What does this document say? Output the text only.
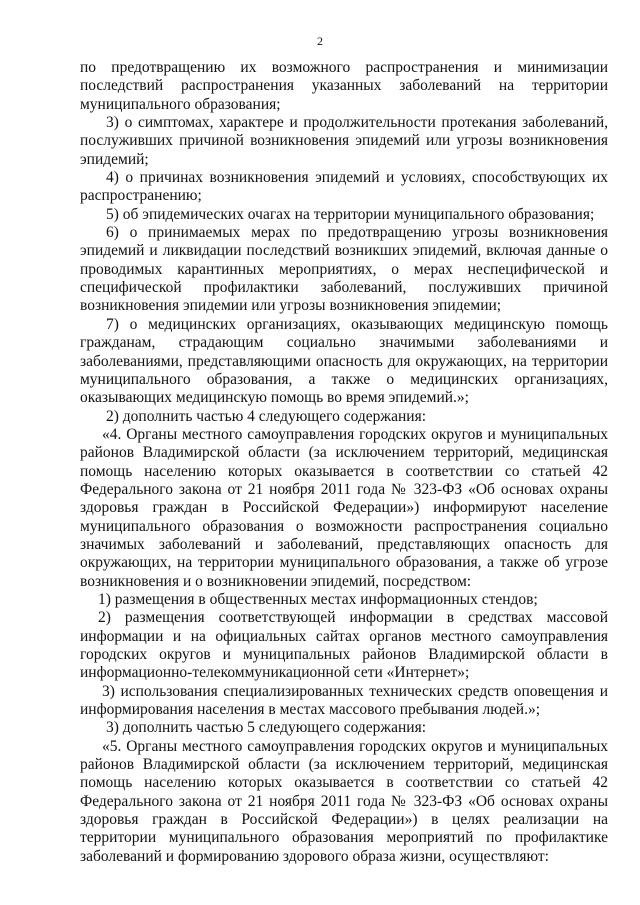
2

по предотвращению их возможного распространения и минимизации последствий распространения указанных заболеваний на территории муниципального образования;

3) о симптомах, характере и продолжительности протекания заболеваний, послуживших причиной возникновения эпидемий или угрозы возникновения эпидемий;

4) о причинах возникновения эпидемий и условиях, способствующих их распространению;

5) об эпидемических очагах на территории муниципального образования;

6) о принимаемых мерах по предотвращению угрозы возникновения эпидемий и ликвидации последствий возникших эпидемий, включая данные о проводимых карантинных мероприятиях, о мерах неспецифической и специфической профилактики заболеваний, послуживших причиной возникновения эпидемии или угрозы возникновения эпидемии;

7) о медицинских организациях, оказывающих медицинскую помощь гражданам, страдающим социально значимыми заболеваниями и заболеваниями, представляющими опасность для окружающих, на территории муниципального образования, а также о медицинских организациях, оказывающих медицинскую помощь во время эпидемий.»;

2) дополнить частью 4 следующего содержания:

«4. Органы местного самоуправления городских округов и муниципальных районов Владимирской области (за исключением территорий, медицинская помощь населению которых оказывается в соответствии со статьей 42 Федерального закона от 21 ноября 2011 года № 323-ФЗ «Об основах охраны здоровья граждан в Российской Федерации») информируют население муниципального образования о возможности распространения социально значимых заболеваний и заболеваний, представляющих опасность для окружающих, на территории муниципального образования, а также об угрозе возникновения и о возникновении эпидемий, посредством:

1) размещения в общественных местах информационных стендов;

2) размещения соответствующей информации в средствах массовой информации и на официальных сайтах органов местного самоуправления городских округов и муниципальных районов Владимирской области в информационно-телекоммуникационной сети «Интернет»;

3) использования специализированных технических средств оповещения и информирования населения в местах массового пребывания людей.»;

3) дополнить частью 5 следующего содержания:

«5. Органы местного самоуправления городских округов и муниципальных районов Владимирской области (за исключением территорий, медицинская помощь населению которых оказывается в соответствии со статьей 42 Федерального закона от 21 ноября 2011 года № 323-ФЗ «Об основах охраны здоровья граждан в Российской Федерации») в целях реализации на территории муниципального образования мероприятий по профилактике заболеваний и формированию здорового образа жизни, осуществляют:
